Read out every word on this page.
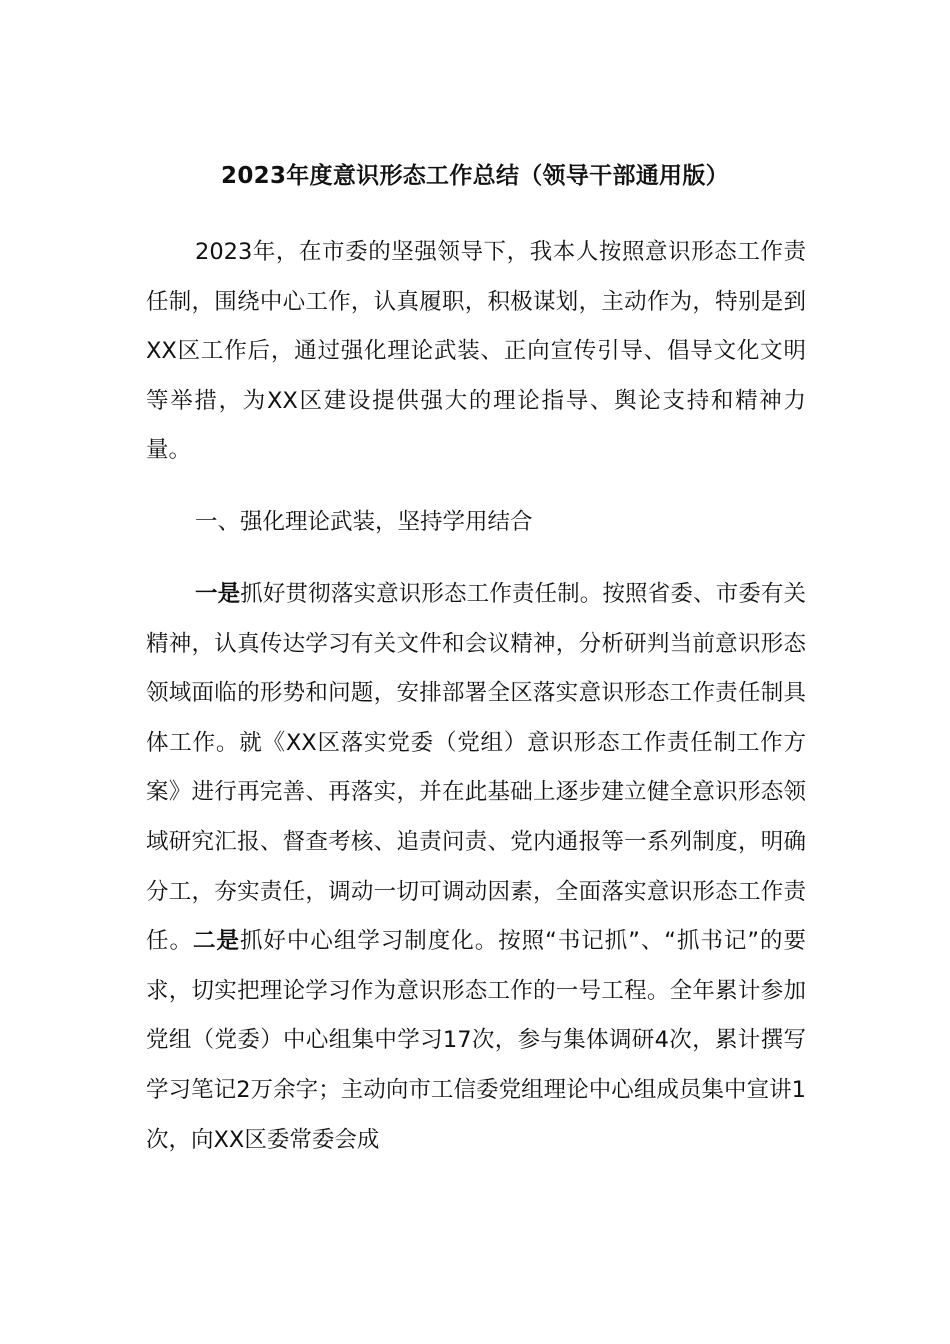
2023年度意识形态工作总结（领导干部通用版）

2023年，在市委的坚强领导下，我本人按照意识形态工作责任制，围绕中心工作，认真履职，积极谋划，主动作为，特别是到XX区工作后，通过强化理论武装、正向宣传引导、倡导文化文明等举措，为XX区建设提供强大的理论指导、舆论支持和精神力量。

一、强化理论武装，坚持学用结合

一是抓好贯彻落实意识形态工作责任制。按照省委、市委有关精神，认真传达学习有关文件和会议精神，分析研判当前意识形态领域面临的形势和问题，安排部署全区落实意识形态工作责任制具体工作。就《XX区落实党委（党组）意识形态工作责任制工作方案》进行再完善、再落实，并在此基础上逐步建立健全意识形态领域研究汇报、督查考核、追责问责、党内通报等一系列制度，明确分工，夯实责任，调动一切可调动因素，全面落实意识形态工作责任。二是抓好中心组学习制度化。按照“书记抓”、“抓书记”的要求，切实把理论学习作为意识形态工作的一号工程。全年累计参加党组（党委）中心组集中学习17次，参与集体调研4次，累计撰写学习笔记2万余字；主动向市工信委党组理论中心组成员集中宣讲1次，向XX区委常委会成
